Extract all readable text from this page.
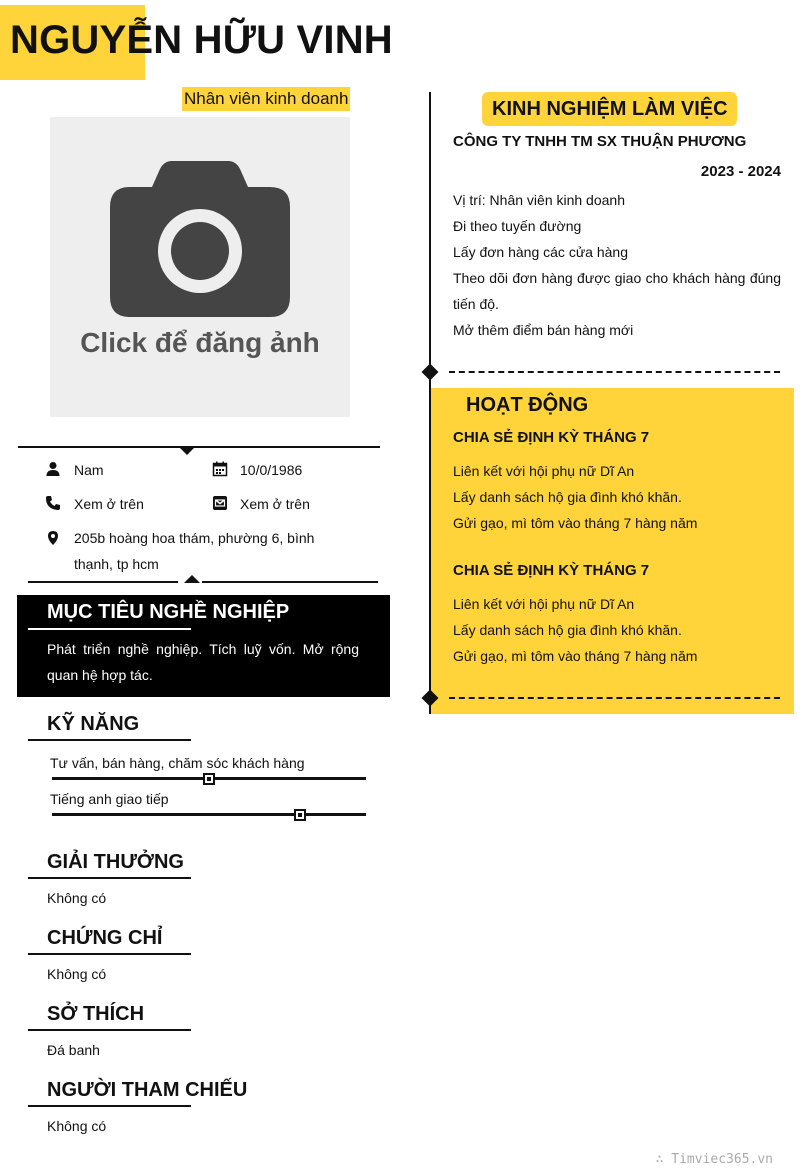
NGUYỄN HỮU VINH
Nhân viên kinh doanh
Click để đăng ảnh
Nam	10/0/1986
Xem ở trên	Xem ở trên
205b hoàng hoa thám, phường 6, bình thạnh, tp hcm
MỤC TIÊU NGHỀ NGHIỆP
Phát triển nghề nghiệp. Tích luỹ vốn. Mở rộng quan hệ hợp tác.
KỸ NĂNG
Tư vấn, bán hàng, chăm sóc khách hàng
Tiếng anh giao tiếp
GIẢI THƯỞNG
Không có
CHỨNG CHỈ
Không có
SỞ THÍCH
Đá banh
NGƯỜI THAM CHIẾU
Không có
KINH NGHIỆM LÀM VIỆC
CÔNG TY TNHH TM SX THUẬN PHƯƠNG
2023 - 2024
Vị trí: Nhân viên kinh doanh
Đi theo tuyến đường
Lấy đơn hàng các cửa hàng
Theo dõi đơn hàng được giao cho khách hàng đúng tiến độ.
Mở thêm điểm bán hàng mới
HOẠT ĐỘNG
CHIA SẺ ĐỊNH KỲ THÁNG 7
Liên kết với hội phụ nữ Dĩ An
Lấy danh sách hộ gia đình khó khăn.
Gửi gạo, mì tôm vào tháng 7 hàng năm
CHIA SẺ ĐỊNH KỲ THÁNG 7
Liên kết với hội phụ nữ Dĩ An
Lấy danh sách hộ gia đình khó khăn.
Gửi gạo, mì tôm vào tháng 7 hàng năm
∴ Timviec365.vn
